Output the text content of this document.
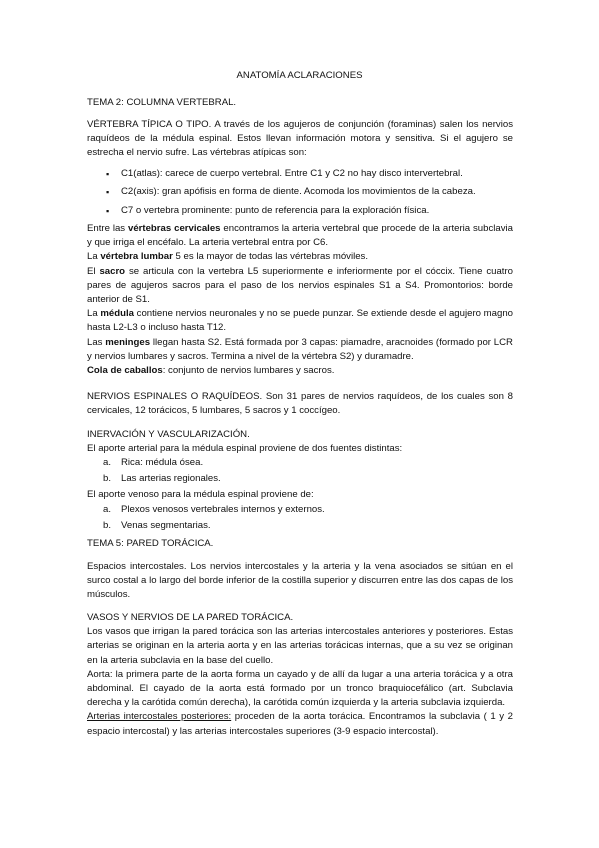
ANATOMÍA ACLARACIONES

TEMA 2: COLUMNA VERTEBRAL.

VÉRTEBRA TÍPICA O TIPO. A través de los agujeros de conjunción (foraminas) salen los nervios raquídeos de la médula espinal. Estos llevan información motora y sensitiva. Si el agujero se estrecha el nervio sufre. Las vértebras atípicas son:

▪ C1(atlas): carece de cuerpo vertebral. Entre C1 y C2 no hay disco intervertebral.
▪ C2(axis): gran apófisis en forma de diente. Acomoda los movimientos de la cabeza.
▪ C7 o vertebra prominente: punto de referencia para la exploración física.

Entre las vértebras cervicales encontramos la arteria vertebral que procede de la arteria subclavia y que irriga el encéfalo. La arteria vertebral entra por C6.

La vértebra lumbar 5 es la mayor de todas las vértebras móviles.

El sacro se articula con la vertebra L5 superiormente e inferiormente por el cóccix. Tiene cuatro pares de agujeros sacros para el paso de los nervios espinales S1 a S4. Promontorios: borde anterior de S1.

La médula contiene nervios neuronales y no se puede punzar. Se extiende desde el agujero magno hasta L2-L3 o incluso hasta T12.

Las meninges llegan hasta S2. Está formada por 3 capas: piamadre, aracnoides (formado por LCR y nervios lumbares y sacros. Termina a nivel de la vértebra S2) y duramadre.

Cola de caballos: conjunto de nervios lumbares y sacros.

NERVIOS ESPINALES O RAQUÍDEOS. Son 31 pares de nervios raquídeos, de los cuales son 8 cervicales, 12 torácicos, 5 lumbares, 5 sacros y 1 coccígeo.

INERVACIÓN Y VASCULARIZACIÓN.

El aporte arterial para la médula espinal proviene de dos fuentes distintas:

a. Rica: médula ósea.
b. Las arterias regionales.

El aporte venoso para la médula espinal proviene de:

a. Plexos venosos vertebrales internos y externos.
b. Venas segmentarias.

TEMA 5: PARED TORÁCICA.

Espacios intercostales. Los nervios intercostales y la arteria y la vena asociados se sitúan en el surco costal a lo largo del borde inferior de la costilla superior y discurren entre las dos capas de los músculos.

VASOS Y NERVIOS DE LA PARED TORÁCICA.

Los vasos que irrigan la pared torácica son las arterias intercostales anteriores y posteriores. Estas arterias se originan en la arteria aorta y en las arterias torácicas internas, que a su vez se originan en la arteria subclavia en la base del cuello.

Aorta: la primera parte de la aorta forma un cayado y de allí da lugar a una arteria torácica y a otra abdominal. El cayado de la aorta está formado por un tronco braquiocefálico (art. Subclavia derecha y la carótida común derecha), la carótida común izquierda y la arteria subclavia izquierda.

Arterias intercostales posteriores: proceden de la aorta torácica. Encontramos la subclavia ( 1 y 2 espacio intercostal) y las arterias intercostales superiores (3-9 espacio intercostal).
